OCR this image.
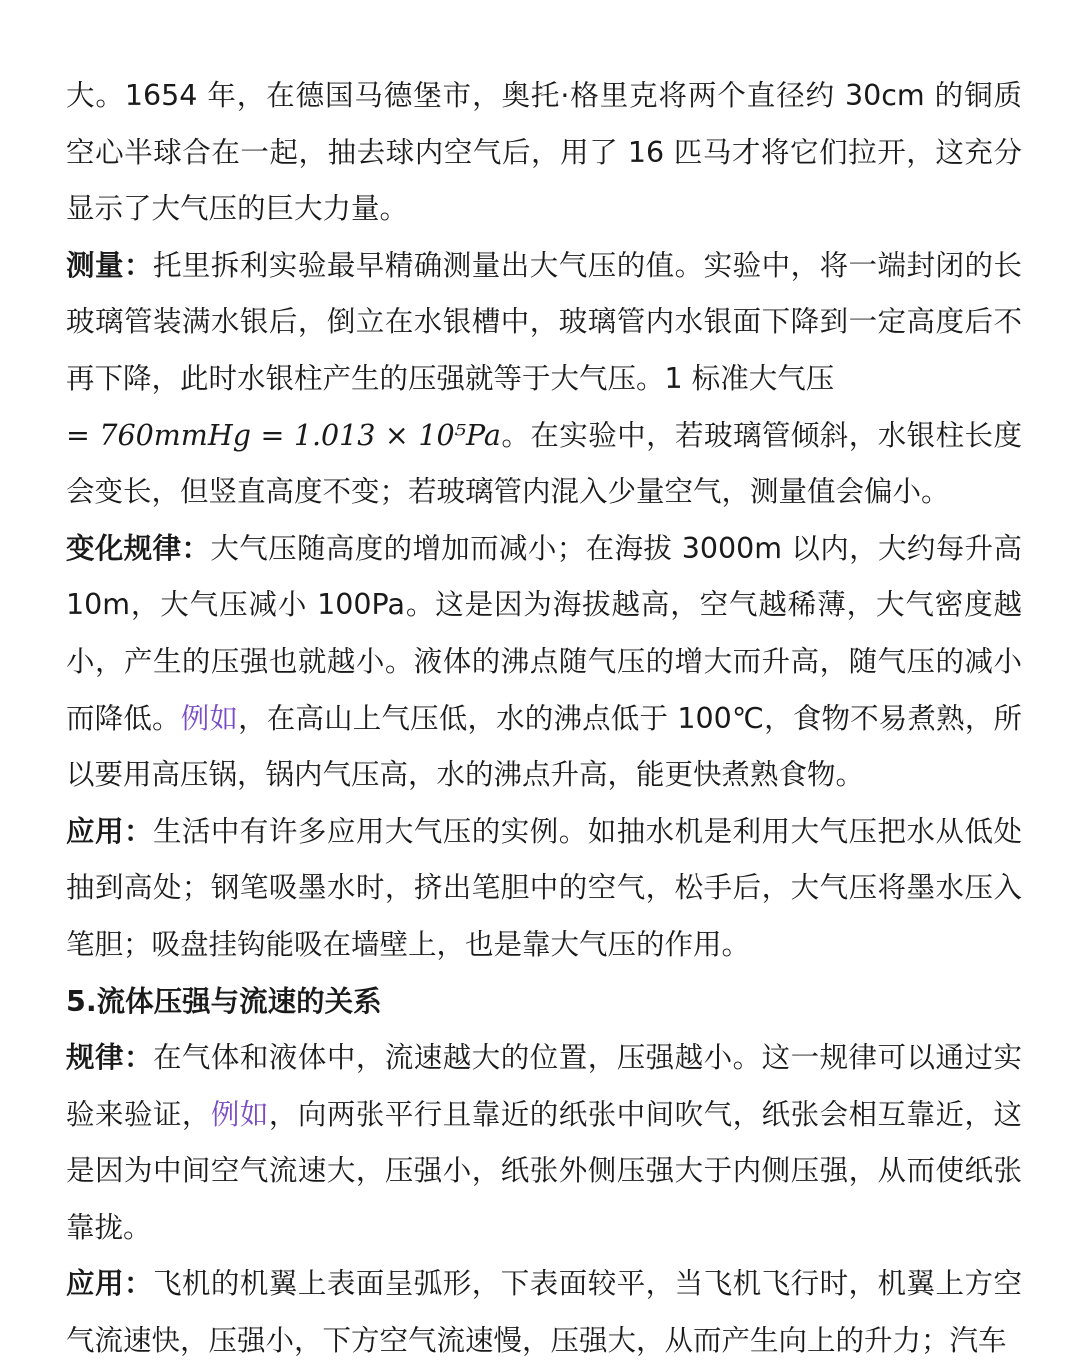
大。1654 年，在德国马德堡市，奥托·格里克将两个直径约 30cm 的铜质空心半球合在一起，抽去球内空气后，用了 16 匹马才将它们拉开，这充分显示了大气压的巨大力量。

测量：托里拆利实验最早精确测量出大气压的值。实验中，将一端封闭的长玻璃管装满水银后，倒立在水银槽中，玻璃管内水银面下降到一定高度后不再下降，此时水银柱产生的压强就等于大气压。1 标准大气压
= 760mmHg = 1.013 × 10⁵Pa。在实验中，若玻璃管倾斜，水银柱长度会变长，但竖直高度不变；若玻璃管内混入少量空气，测量值会偏小。

变化规律：大气压随高度的增加而减小；在海拔 3000m 以内，大约每升高 10m，大气压减小 100Pa。这是因为海拔越高，空气越稀薄，大气密度越小，产生的压强也就越小。液体的沸点随气压的增大而升高，随气压的减小而降低。例如，在高山上气压低，水的沸点低于 100℃，食物不易煮熟，所以要用高压锅，锅内气压高，水的沸点升高，能更快煮熟食物。

应用：生活中有许多应用大气压的实例。如抽水机是利用大气压把水从低处抽到高处；钢笔吸墨水时，挤出笔胆中的空气，松手后，大气压将墨水压入笔胆；吸盘挂钩能吸在墙壁上，也是靠大气压的作用。

5.流体压强与流速的关系

规律：在气体和液体中，流速越大的位置，压强越小。这一规律可以通过实验来验证，例如，向两张平行且靠近的纸张中间吹气，纸张会相互靠近，这是因为中间空气流速大，压强小，纸张外侧压强大于内侧压强，从而使纸张靠拢。

应用：飞机的机翼上表面呈弧形，下表面较平，当飞机飞行时，机翼上方空气流速快，压强小，下方空气流速慢，压强大，从而产生向上的升力；汽车
